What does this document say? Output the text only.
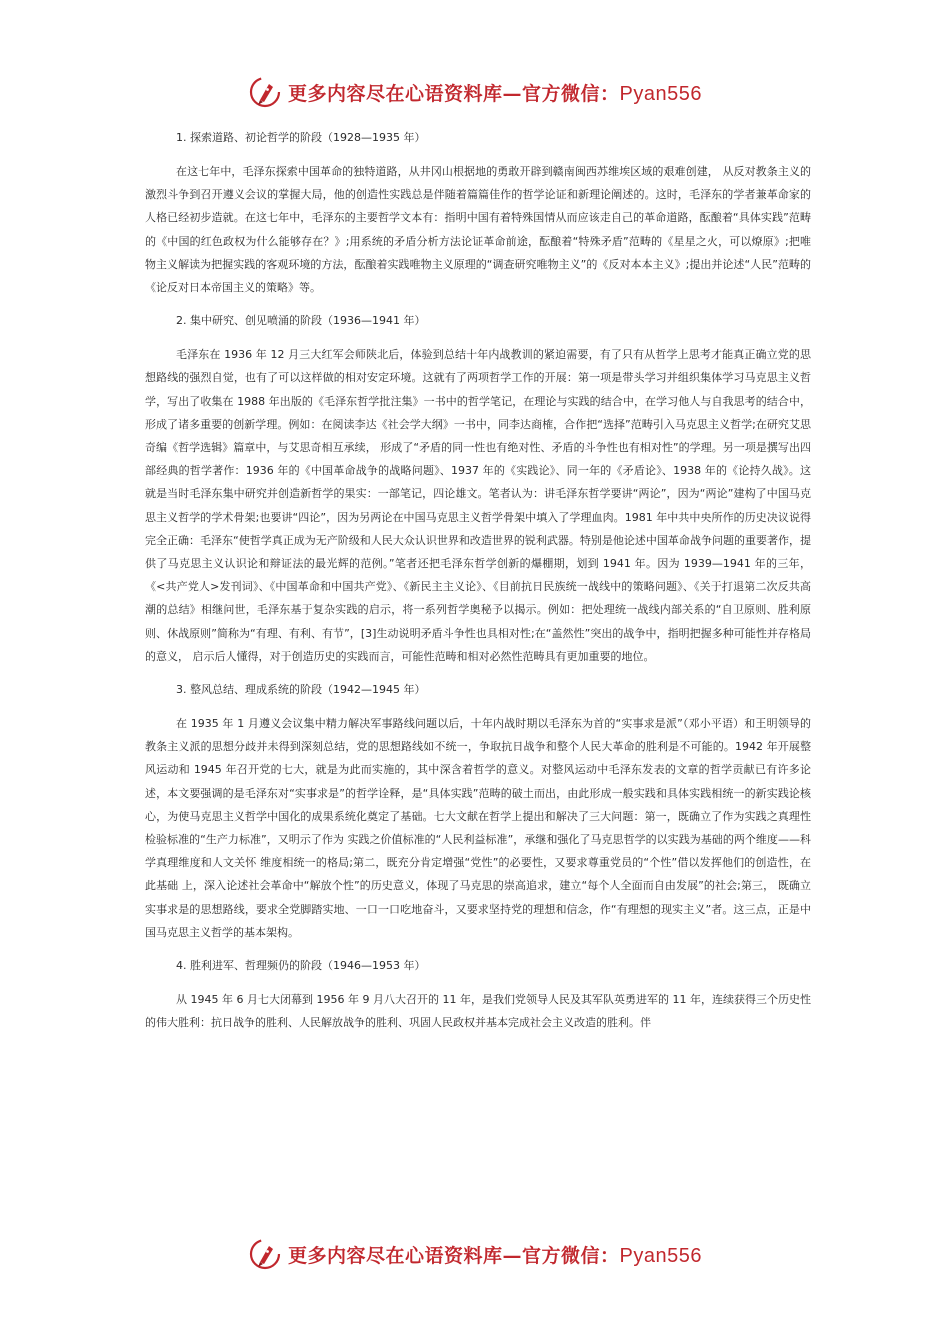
更多内容尽在心语资料库—官方微信：Pyan556
1. 探索道路、初论哲学的阶段（1928—1935 年）
在这七年中，毛泽东探索中国革命的独特道路，从井冈山根据地的勇敢开辟到赣南闽西苏维埃区域的艰难创建， 从反对教条主义的激烈斗争到召开遵义会议的掌握大局，他的创造性实践总是伴随着篇篇佳作的哲学论证和新理论阐述的。这时，毛泽东的学者兼革命家的人格已经初步造就。在这七年中，毛泽东的主要哲学文本有：指明中国有着特殊国情从而应该走自己的革命道路，酝酿着“具体实践”范畴的《中国的红色政权为什么能够存在？》;用系统的矛盾分析方法论证革命前途，酝酿着“特殊矛盾”范畴的《星星之火，可以燎原》;把唯物主义解读为把握实践的客观环境的方法，酝酿着实践唯物主义原理的“调查研究唯物主义”的《反对本本主义》;提出并论述“人民”范畴的《论反对日本帝国主义的策略》等。
2. 集中研究、创见喷涌的阶段（1936—1941 年）
毛泽东在 1936 年 12 月三大红军会师陕北后，体验到总结十年内战教训的紧迫需要，有了只有从哲学上思考才能真正确立党的思想路线的强烈自觉，也有了可以这样做的相对安定环境。这就有了两项哲学工作的开展：第一项是带头学习并组织集体学习马克思主义哲学，写出了收集在 1988 年出版的《毛泽东哲学批注集》一书中的哲学笔记，在理论与实践的结合中，在学习他人与自我思考的结合中，形成了诸多重要的创新学理。例如：在阅读李达《社会学大纲》一书中，同李达商榷，合作把“选择”范畴引入马克思主义哲学;在研究艾思奇编《哲学选辑》篇章中，与艾思奇相互承续， 形成了“矛盾的同一性也有绝对性、矛盾的斗争性也有相对性”的学理。另一项是撰写出四部经典的哲学著作：1936 年的《中国革命战争的战略问题》、1937 年的《实践论》、同一年的《矛盾论》、1938 年的《论持久战》。这就是当时毛泽东集中研究并创造新哲学的果实：一部笔记，四论雄文。笔者认为：讲毛泽东哲学要讲“两论”，因为“两论”建构了中国马克思主义哲学的学术骨架;也要讲“四论”，因为另两论在中国马克思主义哲学骨架中填入了学理血肉。1981 年中共中央所作的历史决议说得完全正确：毛泽东“使哲学真正成为无产阶级和人民大众认识世界和改造世界的锐利武器。特别是他论述中国革命战争问题的重要著作，提供了马克思主义认识论和辩证法的最光辉的范例。”笔者还把毛泽东哲学创新的爆棚期，划到 1941 年。因为 1939—1941 年的三年， 《<共产党人>发刊词》、《中国革命和中国共产党》、《新民主主义论》、《目前抗日民族统一战线中的策略问题》、《关于打退第二次反共高潮的总结》相继问世，毛泽东基于复杂实践的启示，将一系列哲学奥秘予以揭示。例如：把处理统一战线内部关系的“自卫原则、胜利原则、休战原则”简称为“有理、有利、有节”，[3]生动说明矛盾斗争性也具相对性;在“盖然性”突出的战争中，指明把握多种可能性并存格局的意义， 启示后人懂得，对于创造历史的实践而言，可能性范畴和相对必然性范畴具有更加重要的地位。
3. 整风总结、理成系统的阶段（1942—1945 年）
在 1935 年 1 月遵义会议集中精力解决军事路线问题以后，十年内战时期以毛泽东为首的“实事求是派”（邓小平语）和王明领导的教条主义派的思想分歧并未得到深刻总结，党的思想路线如不统一，争取抗日战争和整个人民大革命的胜利是不可能的。1942 年开展整风运动和 1945 年召开党的七大，就是为此而实施的，其中深含着哲学的意义。对整风运动中毛泽东发表的文章的哲学贡献已有许多论述，本文要强调的是毛泽东对“实事求是”的哲学诠释，是“具体实践”范畴的破土而出，由此形成一般实践和具体实践相统一的新实践论核心，为使马克思主义哲学中国化的成果系统化奠定了基础。七大文献在哲学上提出和解决了三大问题：第一，既确立了作为实践之真理性检验标准的“生产力标准”，又明示了作为 实践之价值标准的“人民利益标准”，承继和强化了马克思哲学的以实践为基础的两个维度——科学真理维度和人文关怀 维度相统一的格局;第二，既充分肯定增强“党性”的必要性，又要求尊重党员的“个性”借以发挥他们的创造性，在此基础 上，深入论述社会革命中“解放个性”的历史意义，体现了马克思的崇高追求，建立“每个人全面而自由发展”的社会;第三， 既确立实事求是的思想路线，要求全党脚踏实地、一口一口吃地奋斗，又要求坚持党的理想和信念，作“有理想的现实主义”者。这三点，正是中国马克思主义哲学的基本架构。
4. 胜利进军、哲理频仍的阶段（1946—1953 年）
从 1945 年 6 月七大闭幕到 1956 年 9 月八大召开的 11 年，是我们党领导人民及其军队英勇进军的 11 年，连续获得三个历史性的伟大胜利：抗日战争的胜利、人民解放战争的胜利、巩固人民政权并基本完成社会主义改造的胜利。伴
更多内容尽在心语资料库—官方微信：Pyan556
